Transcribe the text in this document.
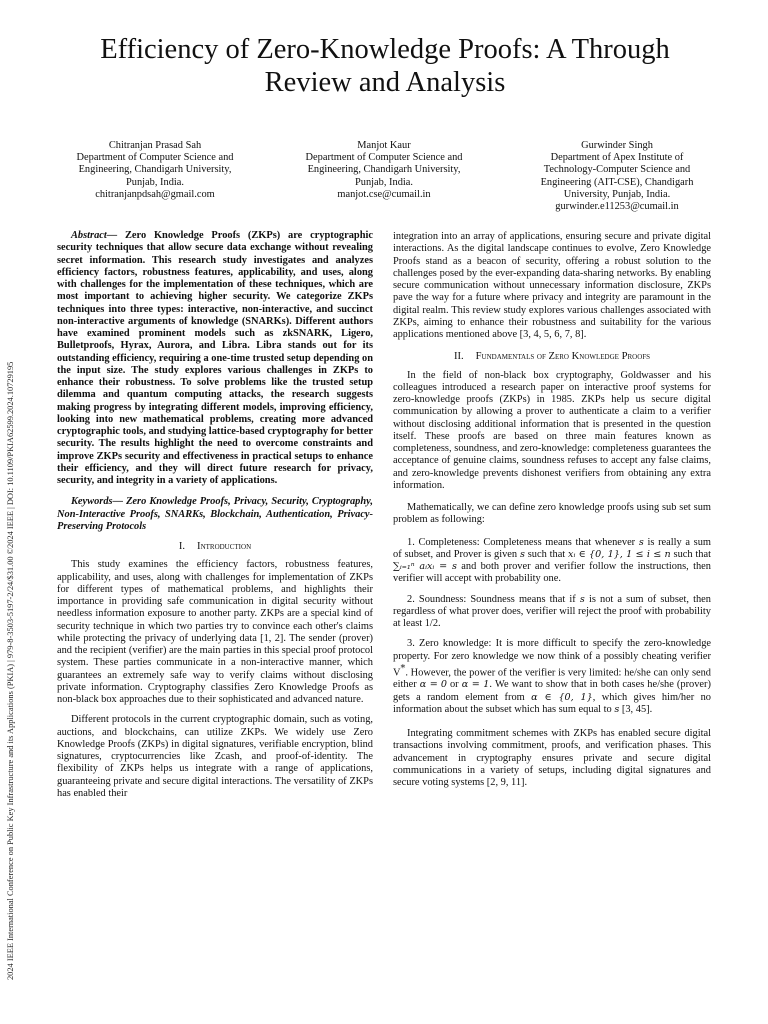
2024 IEEE International Conference on Public Key Infrastructure and its Applications (PKIA) | 979-8-3503-5197-2/24/$31.00 ©2024 IEEE | DOI: 10.1109/PKIA62599.2024.10729195
Efficiency of Zero-Knowledge Proofs: A Through
Review and Analysis
Chitranjan Prasad Sah
Department of Computer Science and
Engineering, Chandigarh University,
Punjab, India.
chitranjanpdsah@gmail.com
Manjot Kaur
Department of Computer Science and
Engineering, Chandigarh University,
Punjab, India.
manjot.cse@cumail.in
Gurwinder Singh
Department of Apex Institute of
Technology-Computer Science and
Engineering (AIT-CSE), Chandigarh
University, Punjab, India.
gurwinder.e11253@cumail.in

Abstract— Zero Knowledge Proofs (ZKPs) are cryptographic security techniques that allow secure data exchange without revealing secret information. This research study investigates and analyzes efficiency factors, robustness features, applicability, and uses, along with challenges for the implementation of these techniques, which are most important to achieving higher security. We categorize ZKPs techniques into three types: interactive, non-interactive, and succinct non-interactive arguments of knowledge (SNARKs). Different authors have examined prominent models such as zkSNARK, Ligero, Bulletproofs, Hyrax, Aurora, and Libra. Libra stands out for its outstanding efficiency, requiring a one-time trusted setup depending on the input size. The study explores various challenges in ZKPs to enhance their robustness. To solve problems like the trusted setup dilemma and quantum computing attacks, the research suggests making progress by integrating different models, improving efficiency, looking into new mathematical problems, creating more advanced cryptographic tools, and studying lattice-based cryptography for better security. The results highlight the need to overcome constraints and improve ZKPs security and effectiveness in practical setups to enhance their efficiency, and they will direct future research for privacy, security, and integrity in a variety of applications.

Keywords— Zero Knowledge Proofs, Privacy, Security, Cryptography, Non-Interactive Proofs, SNARKs, Blockchain, Authentication, Privacy-Preserving Protocols

I. Introduction

This study examines the efficiency factors, robustness features, applicability, and uses, along with challenges for implementation of ZKPs for different types of mathematical problems, and highlights their importance in providing safe communication in digital security without needless information exposure to another party. ZKPs are a special kind of security technique in which two parties try to convince each other's claims while protecting the privacy of underlying data [1, 2]. The sender (prover) and the recipient (verifier) are the main parties in this special proof protocol system. These parties communicate in a non-interactive manner, which guarantees an extremely safe way to verify claims without disclosing private information. Cryptography classifies Zero Knowledge Proofs as non-black box approaches due to their sophisticated and advanced nature.

Different protocols in the current cryptographic domain, such as voting, auctions, and blockchains, can utilize ZKPs. We widely use Zero Knowledge Proofs (ZKPs) in digital signatures, verifiable encryption, blind signatures, cryptocurrencies like Zcash, and proof-of-identity. The flexibility of ZKPs helps us integrate with a range of applications, guaranteeing private and secure digital interactions. The versatility of ZKPs has enabled their

integration into an array of applications, ensuring secure and private digital interactions. As the digital landscape continues to evolve, Zero Knowledge Proofs stand as a beacon of security, offering a robust solution to the challenges posed by the ever-expanding data-sharing networks. By enabling secure communication without unnecessary information disclosure, ZKPs pave the way for a future where privacy and integrity are paramount in the digital realm. This review study explores various challenges associated with ZKPs, aiming to enhance their robustness and suitability for the various applications mentioned above [3, 4, 5, 6, 7, 8].

II. Fundamentals of Zero Knowledge Proofs

In the field of non-black box cryptography, Goldwasser and his colleagues introduced a research paper on interactive proof systems for zero-knowledge proofs (ZKPs) in 1985. ZKPs help us secure digital communication by allowing a prover to authenticate a claim to a verifier without disclosing additional information that is presented in the question itself. These proofs are based on three main features known as completeness, soundness, and zero-knowledge: completeness guarantees the acceptance of genuine claims, soundness refuses to accept any false claims, and zero-knowledge prevents dishonest verifiers from obtaining any extra information.

Mathematically, we can define zero knowledge proofs using sub set sum problem as following:

1. Completeness: Completeness means that whenever s is really a sum of subset, and Prover is given s such that xᵢ ∈ {0, 1}, 1 ≤ i ≤ n such that ∑ᵢ₌₁ⁿ aᵢxᵢ = s and both prover and verifier follow the instructions, then verifier will accept with probability one.

2. Soundness: Soundness means that if s is not a sum of subset, then regardless of what prover does, verifier will reject the proof with probability at least 1/2.

3. Zero knowledge: It is more difficult to specify the zero-knowledge property. For zero knowledge we now think of a possibly cheating verifier V*. However, the power of the verifier is very limited: he/she can only send either α = 0 or α = 1. We want to show that in both cases he/she (prover) gets a random element from α ∈ {0, 1}, which gives him/her no information about the subset which has sum equal to s [3, 45].

Integrating commitment schemes with ZKPs has enabled secure digital transactions involving commitment, proofs, and verification phases. This advancement in cryptography ensures private and secure digital communications in a variety of setups, including digital signatures and secure voting systems [2, 9, 11].
